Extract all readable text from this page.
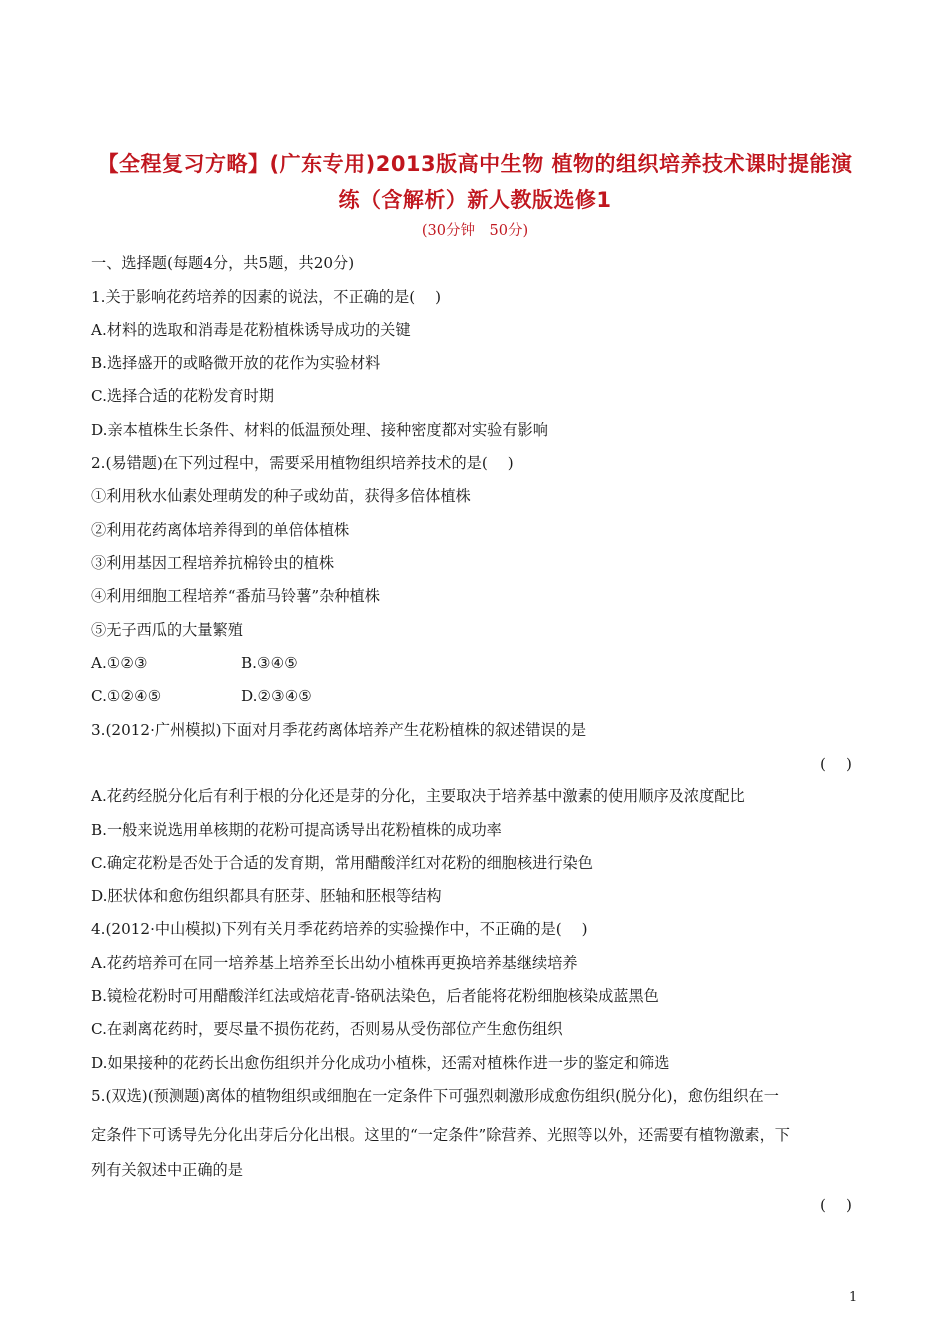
【全程复习方略】(广东专用)2013版高中生物 植物的组织培养技术课时提能演
练（含解析）新人教版选修1
(30分钟　50分)
一、选择题(每题4分，共5题，共20分)
1.关于影响花药培养的因素的说法，不正确的是(　 )
A.材料的选取和消毒是花粉植株诱导成功的关键
B.选择盛开的或略微开放的花作为实验材料
C.选择合适的花粉发育时期
D.亲本植株生长条件、材料的低温预处理、接种密度都对实验有影响
2.(易错题)在下列过程中，需要采用植物组织培养技术的是(　 )
①利用秋水仙素处理萌发的种子或幼苗，获得多倍体植株
②利用花药离体培养得到的单倍体植株
③利用基因工程培养抗棉铃虫的植株
④利用细胞工程培养“番茄马铃薯”杂种植株
⑤无子西瓜的大量繁殖
A.①②③	B.③④⑤
C.①②④⑤	D.②③④⑤
3.(2012·广州模拟)下面对月季花药离体培养产生花粉植株的叙述错误的是
(　 )
A.花药经脱分化后有利于根的分化还是芽的分化，主要取决于培养基中激素的使用顺序及浓度配比
B.一般来说选用单核期的花粉可提高诱导出花粉植株的成功率
C.确定花粉是否处于合适的发育期，常用醋酸洋红对花粉的细胞核进行染色
D.胚状体和愈伤组织都具有胚芽、胚轴和胚根等结构
4.(2012·中山模拟)下列有关月季花药培养的实验操作中，不正确的是(　 )
A.花药培养可在同一培养基上培养至长出幼小植株再更换培养基继续培养
B.镜检花粉时可用醋酸洋红法或焙花青-铬矾法染色，后者能将花粉细胞核染成蓝黑色
C.在剥离花药时，要尽量不损伤花药，否则易从受伤部位产生愈伤组织
D.如果接种的花药长出愈伤组织并分化成功小植株，还需对植株作进一步的鉴定和筛选
5.(双选)(预测题)离体的植物组织或细胞在一定条件下可强烈刺激形成愈伤组织(脱分化)，愈伤组织在一
定条件下可诱导先分化出芽后分化出根。这里的“一定条件”除营养、光照等以外，还需要有植物激素，下
列有关叙述中正确的是
(　 )
1
